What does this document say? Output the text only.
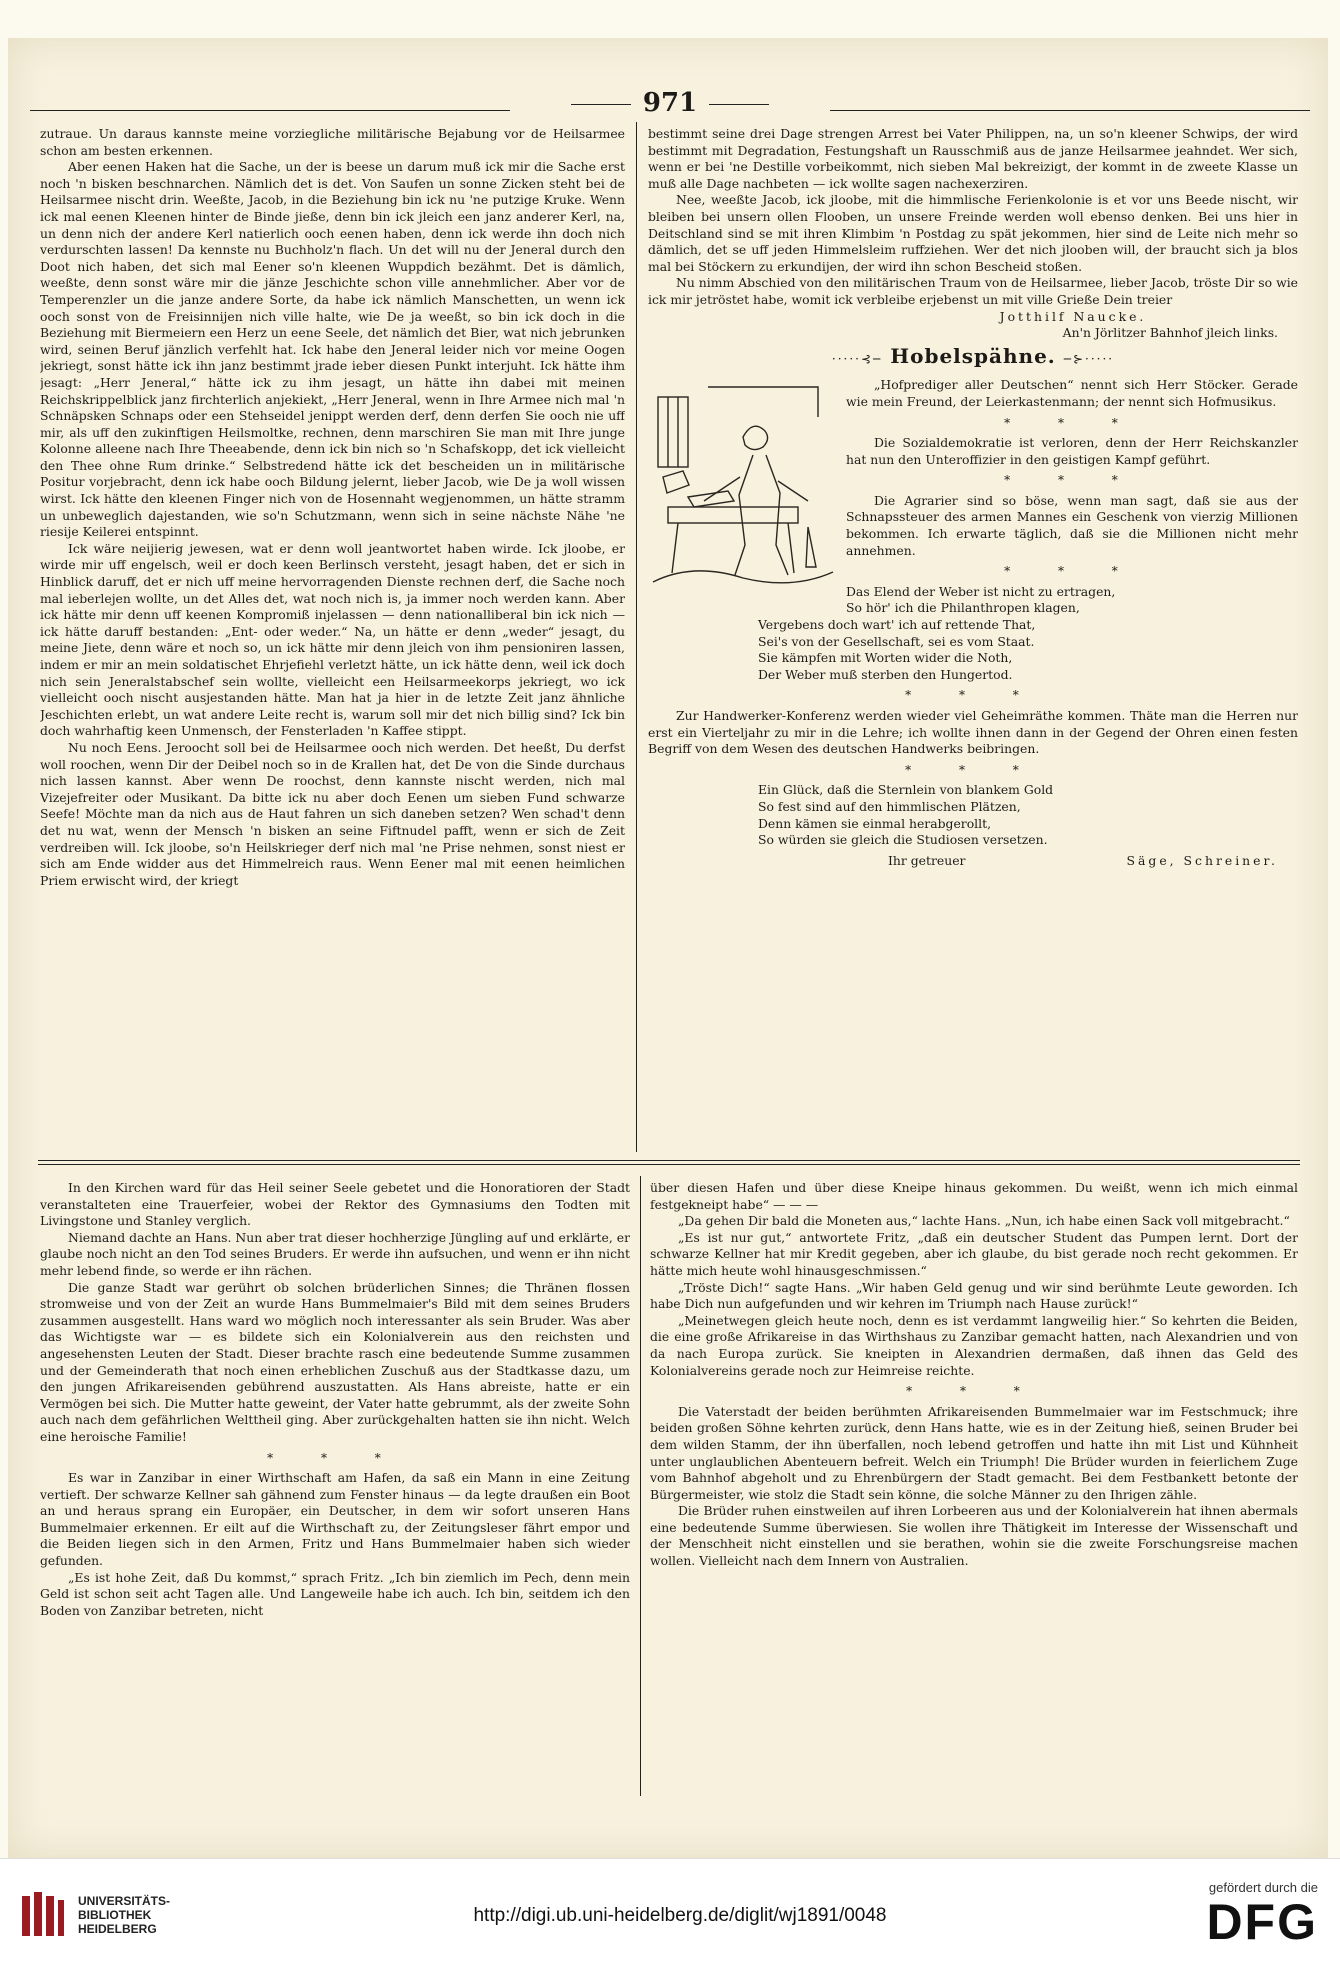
971

zutraue. Un daraus kannste meine vorziegliche militärische Bejabung vor de Heilsarmee schon am besten erkennen.

Aber eenen Haken hat die Sache, un der is beese un darum muß ick mir die Sache erst noch 'n bisken beschnarchen. Nämlich det is det. Von Saufen un sonne Zicken steht bei de Heilsarmee nischt drin. Weeßte, Jacob, in die Beziehung bin ick nu 'ne putzige Kruke. Wenn ick mal eenen Kleenen hinter de Binde jieße, denn bin ick jleich een janz anderer Kerl, na, un denn nich der andere Kerl natierlich ooch eenen haben, denn ick werde ihn doch nich verdurschten lassen! Da kennste nu Buchholz'n flach. Un det will nu der Jeneral durch den Doot nich haben, det sich mal Eener so'n kleenen Wuppdich bezähmt. Det is dämlich, weeßte, denn sonst wäre mir die jänze Jeschichte schon ville annehmlicher. Aber vor de Temperenzler un die janze andere Sorte, da habe ick nämlich Manschetten, un wenn ick ooch sonst von de Freisinnijen nich ville halte, wie De ja weeßt, so bin ick doch in die Beziehung mit Biermeiern een Herz un eene Seele, det nämlich det Bier, wat nich jebrunken wird, seinen Beruf jänzlich verfehlt hat. Ick habe den Jeneral leider nich vor meine Oogen jekriegt, sonst hätte ick ihn janz bestimmt jrade ieber diesen Punkt interjuht. Ick hätte ihm jesagt: „Herr Jeneral,“ hätte ick zu ihm jesagt, un hätte ihn dabei mit meinen Reichskrippelblick janz firchterlich anjekiekt, „Herr Jeneral, wenn in Ihre Armee nich mal 'n Schnäpsken Schnaps oder een Stehseidel jenippt werden derf, denn derfen Sie ooch nie uff mir, als uff den zukinftigen Heilsmoltke, rechnen, denn marschiren Sie man mit Ihre junge Kolonne alleene nach Ihre Theeabende, denn ick bin nich so 'n Schafskopp, det ick vielleicht den Thee ohne Rum drinke.“ Selbstredend hätte ick det bescheiden un in militärische Positur vorjebracht, denn ick habe ooch Bildung jelernt, lieber Jacob, wie De ja woll wissen wirst. Ick hätte den kleenen Finger nich von de Hosennaht wegjenommen, un hätte stramm un unbeweglich dajestanden, wie so'n Schutzmann, wenn sich in seine nächste Nähe 'ne riesije Keilerei entspinnt.

Ick wäre neijierig jewesen, wat er denn woll jeantwortet haben wirde. Ick jloobe, er wirde mir uff engelsch, weil er doch keen Berlinsch versteht, jesagt haben, det er sich in Hinblick daruff, det er nich uff meine hervorragenden Dienste rechnen derf, die Sache noch mal ieberlejen wollte, un det Alles det, wat noch nich is, ja immer noch werden kann. Aber ick hätte mir denn uff keenen Kompromiß injelassen — denn nationalliberal bin ick nich — ick hätte daruff bestanden: „Ent- oder weder.“ Na, un hätte er denn „weder“ jesagt, du meine Jiete, denn wäre et noch so, un ick hätte mir denn jleich von ihm pensioniren lassen, indem er mir an mein soldatischet Ehrjefiehl verletzt hätte, un ick hätte denn, weil ick doch nich sein Jeneralstabschef sein wollte, vielleicht een Heilsarmeekorps jekriegt, wo ick vielleicht ooch nischt ausjestanden hätte. Man hat ja hier in de letzte Zeit janz ähnliche Jeschichten erlebt, un wat andere Leite recht is, warum soll mir det nich billig sind? Ick bin doch wahrhaftig keen Unmensch, der Fensterladen 'n Kaffee stippt.

Nu noch Eens. Jeroocht soll bei de Heilsarmee ooch nich werden. Det heeßt, Du derfst woll roochen, wenn Dir der Deibel noch so in de Krallen hat, det De von die Sinde durchaus nich lassen kannst. Aber wenn De roochst, denn kannste nischt werden, nich mal Vizejefreiter oder Musikant. Da bitte ick nu aber doch Eenen um sieben Fund schwarze Seefe! Möchte man da nich aus de Haut fahren un sich daneben setzen? Wen schad't denn det nu wat, wenn der Mensch 'n bisken an seine Fiftnudel pafft, wenn er sich de Zeit verdreiben will. Ick jloobe, so'n Heilskrieger derf nich mal 'ne Prise nehmen, sonst niest er sich am Ende widder aus det Himmelreich raus. Wenn Eener mal mit eenen heimlichen Priem erwischt wird, der kriegt

bestimmt seine drei Dage strengen Arrest bei Vater Philippen, na, un so'n kleener Schwips, der wird bestimmt mit Degradation, Festungshaft un Rausschmiß aus de janze Heilsarmee jeahndet. Wer sich, wenn er bei 'ne Destille vorbeikommt, nich sieben Mal bekreizigt, der kommt in de zweete Klasse un muß alle Dage nachbeten — ick wollte sagen nachexerziren.

Nee, weeßte Jacob, ick jloobe, mit die himmlische Ferienkolonie is et vor uns Beede nischt, wir bleiben bei unsern ollen Flooben, un unsere Freinde werden woll ebenso denken. Bei uns hier in Deitschland sind se mit ihren Klimbim 'n Postdag zu spät jekommen, hier sind de Leite nich mehr so dämlich, det se uff jeden Himmelsleim ruffziehen. Wer det nich jlooben will, der braucht sich ja blos mal bei Stöckern zu erkundijen, der wird ihn schon Bescheid stoßen.

Nu nimm Abschied von den militärischen Traum von de Heilsarmee, lieber Jacob, tröste Dir so wie ick mir jetröstet habe, womit ick verbleibe erjebenst un mit ville Grieße Dein treier

Jotthilf Naucke.

An'n Jörlitzer Bahnhof jleich links.

·····⊰─ Hobelspähne. ─⊱·····

„Hofprediger aller Deutschen“ nennt sich Herr Stöcker. Gerade wie mein Freund, der Leierkastenmann; der nennt sich Hofmusikus.

* * *

Die Sozialdemokratie ist verloren, denn der Herr Reichskanzler hat nun den Unteroffizier in den geistigen Kampf geführt.

* * *

Die Agrarier sind so böse, wenn man sagt, daß sie aus der Schnapssteuer des armen Mannes ein Geschenk von vierzig Millionen bekommen. Ich erwarte täglich, daß sie die Millionen nicht mehr annehmen.

* * *

Das Elend der Weber ist nicht zu ertragen,

So hör' ich die Philanthropen klagen,

Vergebens doch wart' ich auf rettende That,

Sei's von der Gesellschaft, sei es vom Staat.

Sie kämpfen mit Worten wider die Noth,

Der Weber muß sterben den Hungertod.

* * *

Zur Handwerker-Konferenz werden wieder viel Geheimräthe kommen. Thäte man die Herren nur erst ein Vierteljahr zu mir in die Lehre; ich wollte ihnen dann in der Gegend der Ohren einen festen Begriff von dem Wesen des deutschen Handwerks beibringen.

* * *

Ein Glück, daß die Sternlein von blankem Gold

So fest sind auf den himmlischen Plätzen,

Denn kämen sie einmal herabgerollt,

So würden sie gleich die Studiosen versetzen.

Ihr getreuer	Säge, Schreiner.

In den Kirchen ward für das Heil seiner Seele gebetet und die Honoratioren der Stadt veranstalteten eine Trauerfeier, wobei der Rektor des Gymnasiums den Todten mit Livingstone und Stanley verglich.

Niemand dachte an Hans. Nun aber trat dieser hochherzige Jüngling auf und erklärte, er glaube noch nicht an den Tod seines Bruders. Er werde ihn aufsuchen, und wenn er ihn nicht mehr lebend finde, so werde er ihn rächen.

Die ganze Stadt war gerührt ob solchen brüderlichen Sinnes; die Thränen flossen stromweise und von der Zeit an wurde Hans Bummelmaier's Bild mit dem seines Bruders zusammen ausgestellt. Hans ward wo möglich noch interessanter als sein Bruder. Was aber das Wichtigste war — es bildete sich ein Kolonialverein aus den reichsten und angesehensten Leuten der Stadt. Dieser brachte rasch eine bedeutende Summe zusammen und der Gemeinderath that noch einen erheblichen Zuschuß aus der Stadtkasse dazu, um den jungen Afrikareisenden gebührend auszustatten. Als Hans abreiste, hatte er ein Vermögen bei sich. Die Mutter hatte geweint, der Vater hatte gebrummt, als der zweite Sohn auch nach dem gefährlichen Welttheil ging. Aber zurückgehalten hatten sie ihn nicht. Welch eine heroische Familie!

* * *

Es war in Zanzibar in einer Wirthschaft am Hafen, da saß ein Mann in eine Zeitung vertieft. Der schwarze Kellner sah gähnend zum Fenster hinaus — da legte draußen ein Boot an und heraus sprang ein Europäer, ein Deutscher, in dem wir sofort unseren Hans Bummelmaier erkennen. Er eilt auf die Wirthschaft zu, der Zeitungsleser fährt empor und die Beiden liegen sich in den Armen, Fritz und Hans Bummelmaier haben sich wieder gefunden.

„Es ist hohe Zeit, daß Du kommst,“ sprach Fritz. „Ich bin ziemlich im Pech, denn mein Geld ist schon seit acht Tagen alle. Und Langeweile habe ich auch. Ich bin, seitdem ich den Boden von Zanzibar betreten, nicht

über diesen Hafen und über diese Kneipe hinaus gekommen. Du weißt, wenn ich mich einmal festgekneipt habe“ — — —

„Da gehen Dir bald die Moneten aus,“ lachte Hans. „Nun, ich habe einen Sack voll mitgebracht.“

„Es ist nur gut,“ antwortete Fritz, „daß ein deutscher Student das Pumpen lernt. Dort der schwarze Kellner hat mir Kredit gegeben, aber ich glaube, du bist gerade noch recht gekommen. Er hätte mich heute wohl hinausgeschmissen.“

„Tröste Dich!“ sagte Hans. „Wir haben Geld genug und wir sind berühmte Leute geworden. Ich habe Dich nun aufgefunden und wir kehren im Triumph nach Hause zurück!“

„Meinetwegen gleich heute noch, denn es ist verdammt langweilig hier.“ So kehrten die Beiden, die eine große Afrikareise in das Wirthshaus zu Zanzibar gemacht hatten, nach Alexandrien und von da nach Europa zurück. Sie kneipten in Alexandrien dermaßen, daß ihnen das Geld des Kolonialvereins gerade noch zur Heimreise reichte.

* * *

Die Vaterstadt der beiden berühmten Afrikareisenden Bummelmaier war im Festschmuck; ihre beiden großen Söhne kehrten zurück, denn Hans hatte, wie es in der Zeitung hieß, seinen Bruder bei dem wilden Stamm, der ihn überfallen, noch lebend getroffen und hatte ihn mit List und Kühnheit unter unglaublichen Abenteuern befreit. Welch ein Triumph! Die Brüder wurden in feierlichem Zuge vom Bahnhof abgeholt und zu Ehrenbürgern der Stadt gemacht. Bei dem Festbankett betonte der Bürgermeister, wie stolz die Stadt sein könne, die solche Männer zu den Ihrigen zähle.

Die Brüder ruhen einstweilen auf ihren Lorbeeren aus und der Kolonialverein hat ihnen abermals eine bedeutende Summe überwiesen. Sie wollen ihre Thätigkeit im Interesse der Wissenschaft und der Menschheit nicht einstellen und sie berathen, wohin sie die zweite Forschungsreise machen wollen. Vielleicht nach dem Innern von Australien.

UNIVERSITÄTS-
BIBLIOTHEK
HEIDELBERG
http://digi.ub.uni-heidelberg.de/diglit/wj1891/0048
gefördert durch die
DFG
